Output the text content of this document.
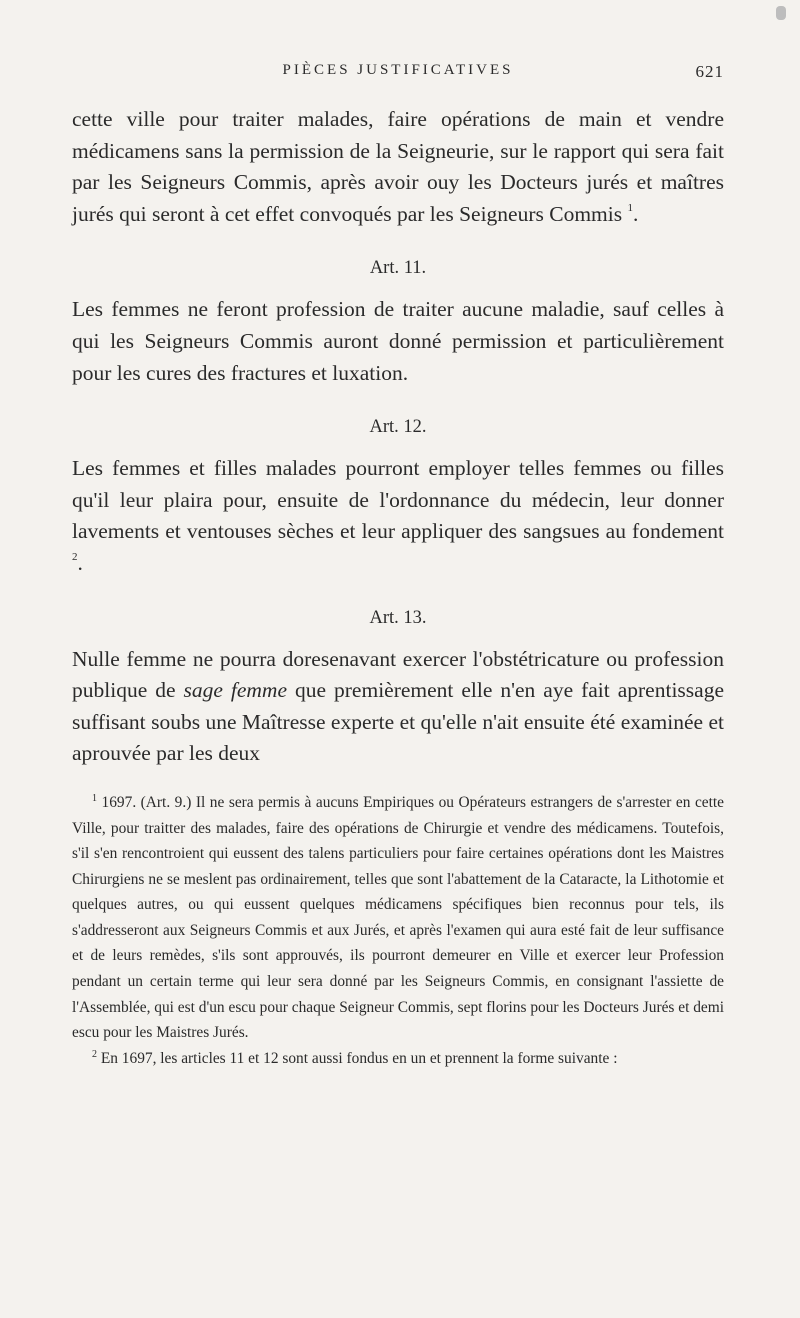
PIÈCES JUSTIFICATIVES	621

cette ville pour traiter malades, faire opérations de main et vendre médicamens sans la permission de la Seigneurie, sur le rapport qui sera fait par les Seigneurs Commis, après avoir ouy les Docteurs jurés et maîtres jurés qui seront à cet effet convoqués par les Seigneurs Commis $^1$.

Art. 11.

Les femmes ne feront profession de traiter aucune maladie, sauf celles à qui les Seigneurs Commis auront donné permission et particulièrement pour les cures des fractures et luxation.

Art. 12.

Les femmes et filles malades pourront employer telles femmes ou filles qu'il leur plaira pour, ensuite de l'ordonnance du médecin, leur donner lavements et ventouses sèches et leur appliquer des sangsues au fondement $^2$.

Art. 13.

Nulle femme ne pourra doresenavant exercer l'obstétricature ou profession publique de sage femme que premièrement elle n'en aye fait aprentissage suffisant soubs une Maîtresse experte et qu'elle n'ait ensuite été examinée et aprouvée par les deux

$^1$ 1697. (Art. 9.) Il ne sera permis à aucuns Empiriques ou Opérateurs estrangers de s'arrester en cette Ville, pour traitter des malades, faire des opérations de Chirurgie et vendre des médicamens. Toutefois, s'il s'en rencontroient qui eussent des talens particuliers pour faire certaines opérations dont les Maistres Chirurgiens ne se meslent pas ordinairement, telles que sont l'abattement de la Cataracte, la Lithotomie et quelques autres, ou qui eussent quelques médicamens spécifiques bien reconnus pour tels, ils s'addresseront aux Seigneurs Commis et aux Jurés, et après l'examen qui aura esté fait de leur suffisance et de leurs remèdes, s'ils sont approuvés, ils pourront demeurer en Ville et exercer leur Profession pendant un certain terme qui leur sera donné par les Seigneurs Commis, en consignant l'assiette de l'Assemblée, qui est d'un escu pour chaque Seigneur Commis, sept florins pour les Docteurs Jurés et demi escu pour les Maistres Jurés.

$^2$ En 1697, les articles 11 et 12 sont aussi fondus en un et prennent la forme suivante :
